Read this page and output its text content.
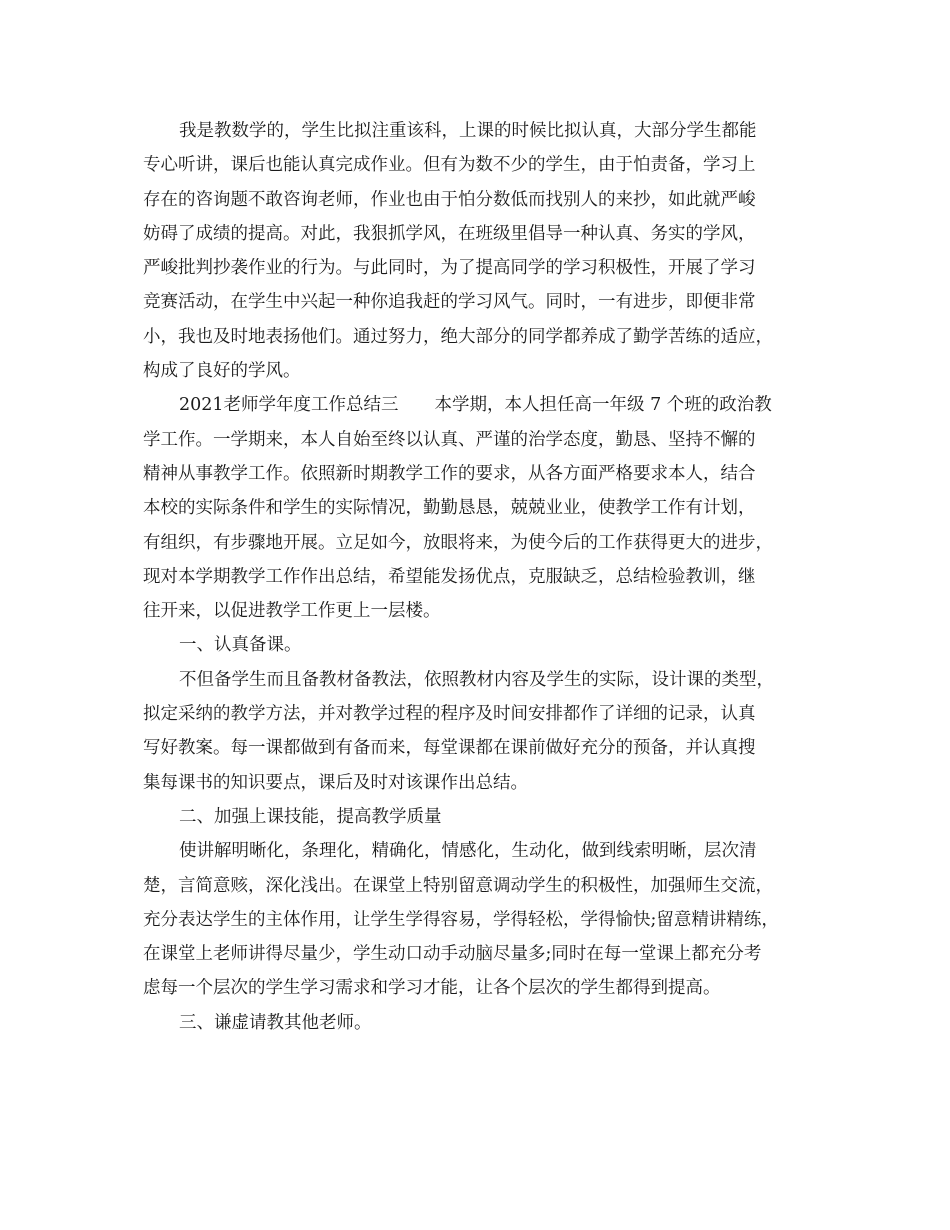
我是教数学的，学生比拟注重该科，上课的时候比拟认真，大部分学生都能

专心听讲，课后也能认真完成作业。但有为数不少的学生，由于怕责备，学习上

存在的咨询题不敢咨询老师，作业也由于怕分数低而找别人的来抄，如此就严峻

妨碍了成绩的提高。对此，我狠抓学风，在班级里倡导一种认真、务实的学风，

严峻批判抄袭作业的行为。与此同时，为了提高同学的学习积极性，开展了学习

竞赛活动，在学生中兴起一种你追我赶的学习风气。同时，一有进步，即便非常

小，我也及时地表扬他们。通过努力，绝大部分的同学都养成了勤学苦练的适应，

构成了良好的学风。

2021老师学年度工作总结三 本学期，本人担任高一年级 7 个班的政治教

学工作。一学期来，本人自始至终以认真、严谨的治学态度，勤恳、坚持不懈的

精神从事教学工作。依照新时期教学工作的要求，从各方面严格要求本人，结合

本校的实际条件和学生的实际情况，勤勤恳恳，兢兢业业，使教学工作有计划，

有组织，有步骤地开展。立足如今，放眼将来，为使今后的工作获得更大的进步，

现对本学期教学工作作出总结，希望能发扬优点，克服缺乏，总结检验教训，继

往开来，以促进教学工作更上一层楼。

一、认真备课。

不但备学生而且备教材备教法，依照教材内容及学生的实际，设计课的类型，

拟定采纳的教学方法，并对教学过程的程序及时间安排都作了详细的记录，认真

写好教案。每一课都做到有备而来，每堂课都在课前做好充分的预备，并认真搜

集每课书的知识要点，课后及时对该课作出总结。

二、加强上课技能，提高教学质量

使讲解明晰化，条理化，精确化，情感化，生动化，做到线索明晰，层次清

楚，言简意赅，深化浅出。在课堂上特别留意调动学生的积极性，加强师生交流，

充分表达学生的主体作用，让学生学得容易，学得轻松，学得愉快;留意精讲精练，

在课堂上老师讲得尽量少，学生动口动手动脑尽量多;同时在每一堂课上都充分考

虑每一个层次的学生学习需求和学习才能，让各个层次的学生都得到提高。

三、谦虚请教其他老师。
